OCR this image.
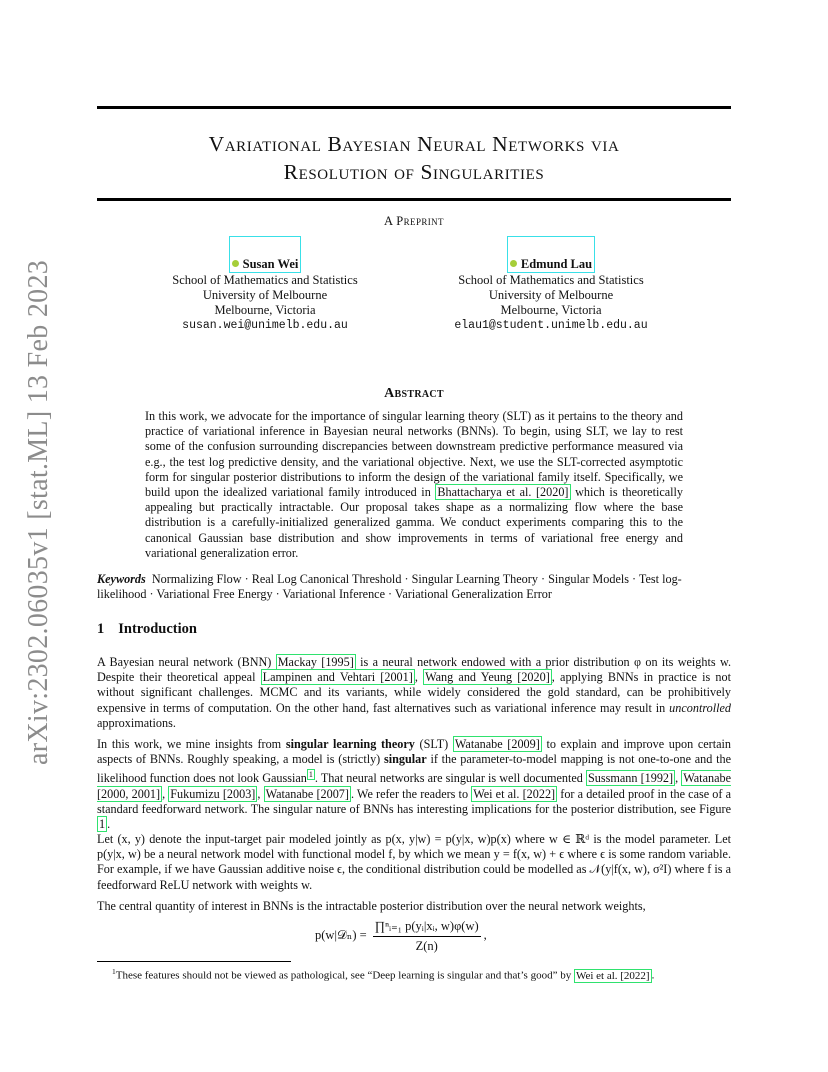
arXiv:2302.06035v1 [stat.ML] 13 Feb 2023
Variational Bayesian Neural Networks via
Resolution of Singularities
A Preprint
Susan Wei
School of Mathematics and Statistics
University of Melbourne
Melbourne, Victoria
susan.wei@unimelb.edu.au
Edmund Lau
School of Mathematics and Statistics
University of Melbourne
Melbourne, Victoria
elau1@student.unimelb.edu.au
Abstract
In this work, we advocate for the importance of singular learning theory (SLT) as it pertains to the theory and practice of variational inference in Bayesian neural networks (BNNs). To begin, using SLT, we lay to rest some of the confusion surrounding discrepancies between downstream predictive performance measured via e.g., the test log predictive density, and the variational objective. Next, we use the SLT-corrected asymptotic form for singular posterior distributions to inform the design of the variational family itself. Specifically, we build upon the idealized variational family introduced in Bhattacharya et al. [2020] which is theoretically appealing but practically intractable. Our proposal takes shape as a normalizing flow where the base distribution is a carefully-initialized generalized gamma. We conduct experiments comparing this to the canonical Gaussian base distribution and show improvements in terms of variational free energy and variational generalization error.
Keywords Normalizing Flow · Real Log Canonical Threshold · Singular Learning Theory · Singular Models · Test log-likelihood · Variational Free Energy · Variational Inference · Variational Generalization Error
1 Introduction
A Bayesian neural network (BNN) Mackay [1995] is a neural network endowed with a prior distribution φ on its weights w. Despite their theoretical appeal Lampinen and Vehtari [2001] , Wang and Yeung [2020] , applying BNNs in practice is not without significant challenges. MCMC and its variants, while widely considered the gold standard, can be prohibitively expensive in terms of computation. On the other hand, fast alternatives such as variational inference may result in uncontrolled approximations.
In this work, we mine insights from singular learning theory (SLT) Watanabe [2009] to explain and improve upon certain aspects of BNNs. Roughly speaking, a model is (strictly) singular if the parameter-to-model mapping is not one-to-one and the likelihood function does not look Gaussian $^1$ . That neural networks are singular is well documented Sussmann [1992] , Watanabe [2000, 2001] , Fukumizu [2003] , Watanabe [2007] . We refer the readers to Wei et al. [2022] for a detailed proof in the case of a standard feedforward network. The singular nature of BNNs has interesting implications for the posterior distribution, see Figure 1 .
Let (x, y) denote the input-target pair modeled jointly as p(x, y|w) = p(y|x, w)p(x) where w ∈ ℝᵈ is the model parameter. Let p(y|x, w) be a neural network model with functional model f, by which we mean y = f(x, w) + ϵ where ϵ is some random variable. For example, if we have Gaussian additive noise ϵ, the conditional distribution could be modelled as 𝒩(y|f(x, w), σ²I) where f is a feedforward ReLU network with weights w.
The central quantity of interest in BNNs is the intractable posterior distribution over the neural network weights,
p(w|𝒟ₙ) = $\frac{\text{∏ⁿᵢ₌₁ p(yᵢ|xᵢ, w)φ(w)}}{Z(n)}$ ,
$^1$These features should not be viewed as pathological, see “Deep learning is singular and that’s good” by Wei et al. [2022] .
